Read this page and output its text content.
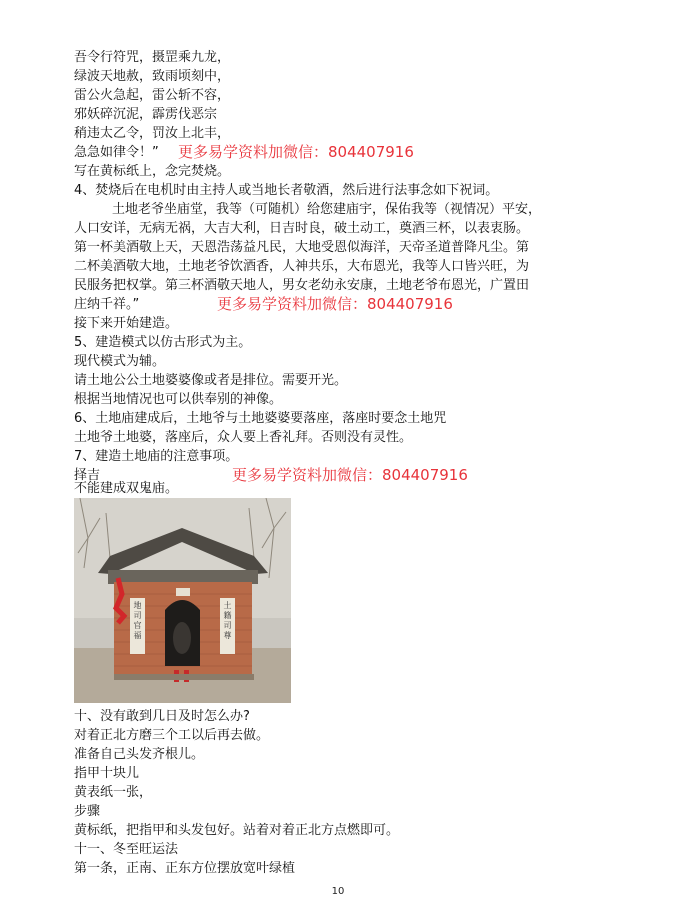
吾令行符咒，摄罡乘九龙，
绿波天地赦，致雨顷刻中，
雷公火急起，雷公斩不容，
邪妖碎沉泥，霹雳伐恶宗
稍违太乙令，罚汝上北丰，
急急如律令！” 更多易学资料加微信：804407916
写在黄标纸上，念完焚烧。
4、焚烧后在电机时由主持人或当地长者敬酒，然后进行法事念如下祝词。
土地老爷坐庙堂，我等（可随机）给您建庙宇，保佑我等（视情况）平安，
人口安详，无病无祸，大吉大利，日吉时良，破土动工，奠酒三杯，以表衷肠。
第一杯美酒敬上天，天恩浩荡益凡民，大地受恩似海洋，天帝圣道普降凡尘。第
二杯美酒敬大地，土地老爷饮酒香，人神共乐，大布恩光，我等人口皆兴旺，为
民服务把权掌。第三杯酒敬天地人，男女老幼永安康，土地老爷布恩光，广置田
庄纳千祥。”	更多易学资料加微信：804407916
接下来开始建造。
5、建造模式以仿古形式为主。
现代模式为辅。
请土地公公土地婆婆像或者是排位。需要开光。
根据当地情况也可以供奉别的神像。
6、土地庙建成后，土地爷与土地婆婆要落座，落座时要念土地咒
土地爷土地婆，落座后，众人要上香礼拜。否则没有灵性。
7、建造土地庙的注意事项。
择吉	更多易学资料加微信：804407916
不能建成双鬼庙。
地司官福
土籍司尊
十、没有敢到几日及时怎么办?
对着正北方磨三个工以后再去做。
准备自己头发齐根儿。
指甲十块儿
黄表纸一张，
步骤
黄标纸，把指甲和头发包好。站着对着正北方点燃即可。
十一、冬至旺运法
第一条，正南、正东方位摆放宽叶绿植
10
